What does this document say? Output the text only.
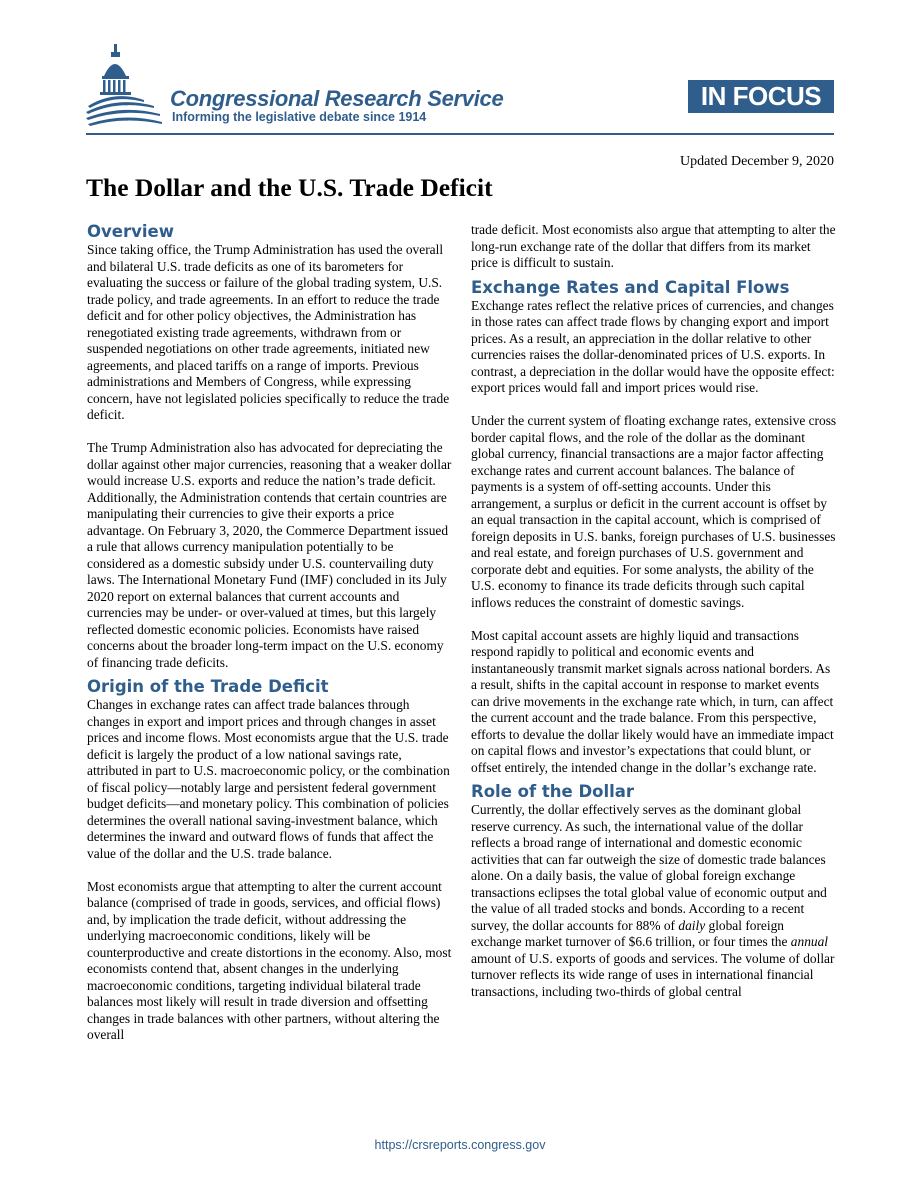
Congressional Research Service
Informing the legislative debate since 1914
IN FOCUS
Updated December 9, 2020
The Dollar and the U.S. Trade Deficit
Overview

Since taking office, the Trump Administration has used the overall and bilateral U.S. trade deficits as one of its barometers for evaluating the success or failure of the global trading system, U.S. trade policy, and trade agreements. In an effort to reduce the trade deficit and for other policy objectives, the Administration has renegotiated existing trade agreements, withdrawn from or suspended negotiations on other trade agreements, initiated new agreements, and placed tariffs on a range of imports. Previous administrations and Members of Congress, while expressing concern, have not legislated policies specifically to reduce the trade deficit.

The Trump Administration also has advocated for depreciating the dollar against other major currencies, reasoning that a weaker dollar would increase U.S. exports and reduce the nation’s trade deficit. Additionally, the Administration contends that certain countries are manipulating their currencies to give their exports a price advantage. On February 3, 2020, the Commerce Department issued a rule that allows currency manipulation potentially to be considered as a domestic subsidy under U.S. countervailing duty laws. The International Monetary Fund (IMF) concluded in its July 2020 report on external balances that current accounts and currencies may be under- or over-valued at times, but this largely reflected domestic economic policies. Economists have raised concerns about the broader long-term impact on the U.S. economy of financing trade deficits.

Origin of the Trade Deficit

Changes in exchange rates can affect trade balances through changes in export and import prices and through changes in asset prices and income flows. Most economists argue that the U.S. trade deficit is largely the product of a low national savings rate, attributed in part to U.S. macroeconomic policy, or the combination of fiscal policy—notably large and persistent federal government budget deficits—and monetary policy. This combination of policies determines the overall national saving-investment balance, which determines the inward and outward flows of funds that affect the value of the dollar and the U.S. trade balance.

Most economists argue that attempting to alter the current account balance (comprised of trade in goods, services, and official flows) and, by implication the trade deficit, without addressing the underlying macroeconomic conditions, likely will be counterproductive and create distortions in the economy. Also, most economists contend that, absent changes in the underlying macroeconomic conditions, targeting individual bilateral trade balances most likely will result in trade diversion and offsetting changes in trade balances with other partners, without altering the overall

trade deficit. Most economists also argue that attempting to alter the long-run exchange rate of the dollar that differs from its market price is difficult to sustain.

Exchange Rates and Capital Flows

Exchange rates reflect the relative prices of currencies, and changes in those rates can affect trade flows by changing export and import prices. As a result, an appreciation in the dollar relative to other currencies raises the dollar-denominated prices of U.S. exports. In contrast, a depreciation in the dollar would have the opposite effect: export prices would fall and import prices would rise.

Under the current system of floating exchange rates, extensive cross border capital flows, and the role of the dollar as the dominant global currency, financial transactions are a major factor affecting exchange rates and current account balances. The balance of payments is a system of off-setting accounts. Under this arrangement, a surplus or deficit in the current account is offset by an equal transaction in the capital account, which is comprised of foreign deposits in U.S. banks, foreign purchases of U.S. businesses and real estate, and foreign purchases of U.S. government and corporate debt and equities. For some analysts, the ability of the U.S. economy to finance its trade deficits through such capital inflows reduces the constraint of domestic savings.

Most capital account assets are highly liquid and transactions respond rapidly to political and economic events and instantaneously transmit market signals across national borders. As a result, shifts in the capital account in response to market events can drive movements in the exchange rate which, in turn, can affect the current account and the trade balance. From this perspective, efforts to devalue the dollar likely would have an immediate impact on capital flows and investor’s expectations that could blunt, or offset entirely, the intended change in the dollar’s exchange rate.

Role of the Dollar

Currently, the dollar effectively serves as the dominant global reserve currency. As such, the international value of the dollar reflects a broad range of international and domestic economic activities that can far outweigh the size of domestic trade balances alone. On a daily basis, the value of global foreign exchange transactions eclipses the total global value of economic output and the value of all traded stocks and bonds. According to a recent survey, the dollar accounts for 88% of daily global foreign exchange market turnover of $6.6 trillion, or four times the annual amount of U.S. exports of goods and services. The volume of dollar turnover reflects its wide range of uses in international financial transactions, including two-thirds of global central

https://crsreports.congress.gov
